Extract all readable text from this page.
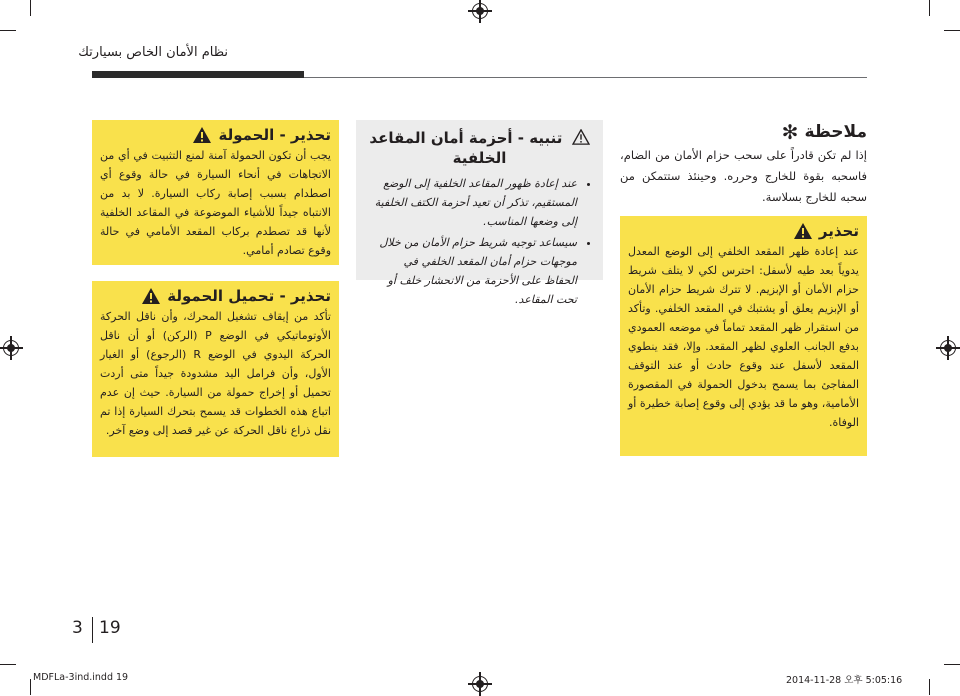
نظام الأمان الخاص بسيارتك
ملاحظة
✻
إذا لم تكن قادراً على سحب حزام الأمان من الضام، فاسحبه بقوة للخارج وحرره. وحينئذ ستتمكن من سحبه للخارج بسلاسة.
تحذير
عند إعادة ظهر المقعد الخلفي إلى الوضع المعدل يدوياً بعد طيه لأسفل: احترس لكي لا يتلف شريط حزام الأمان أو الإبزيم. لا تترك شريط حزام الأمان أو الإبزيم يعلق أو يشتبك في المقعد الخلفي. وتأكد من استقرار ظهر المقعد تماماً في موضعه العمودي بدفع الجانب العلوي لظهر المقعد. وإلا، فقد ينطوي المقعد لأسفل عند وقوع حادث أو عند التوقف المفاجئ بما يسمح بدخول الحمولة في المقصورة الأمامية، وهو ما قد يؤدي إلى وقوع إصابة خطيرة أو الوفاة.
تنبيه - أحزمة أمان المقاعد الخلفية
• عند إعادة ظهور المقاعد الخلفية إلى الوضع المستقيم، تذكر أن تعيد أحزمة الكتف الخلفية إلى وضعها المناسب.
• سيساعد توجيه شريط حزام الأمان من خلال موجهات حزام أمان المقعد الخلفي في الحفاظ على الأحزمة من الانحشار خلف أو تحت المقاعد.
تحذير - الحمولة
يجب أن تكون الحمولة آمنة لمنع التثبيت في أي من الاتجاهات في أنحاء السيارة في حالة وقوع أي اصطدام بسبب إصابة ركاب السيارة. لا بد من الانتباه جيداً للأشياء الموضوعة في المقاعد الخلفية لأنها قد تصطدم بركاب المقعد الأمامي في حالة وقوع تصادم أمامي.
تحذير - تحميل الحمولة
تأكد من إيقاف تشغيل المحرك، وأن ناقل الحركة الأوتوماتيكي في الوضع P (الركن) أو أن ناقل الحركة اليدوي في الوضع R (الرجوع) أو الغيار الأول، وأن فرامل اليد مشدودة جيداً متى أردت تحميل أو إخراج حمولة من السيارة. حيث إن عدم اتباع هذه الخطوات قد يسمح بتحرك السيارة إذا تم نقل ذراع ناقل الحركة عن غير قصد إلى وضع آخر.
3 19
MDFLa-3ind.indd 19	2014-11-28 오후 5:05:16
